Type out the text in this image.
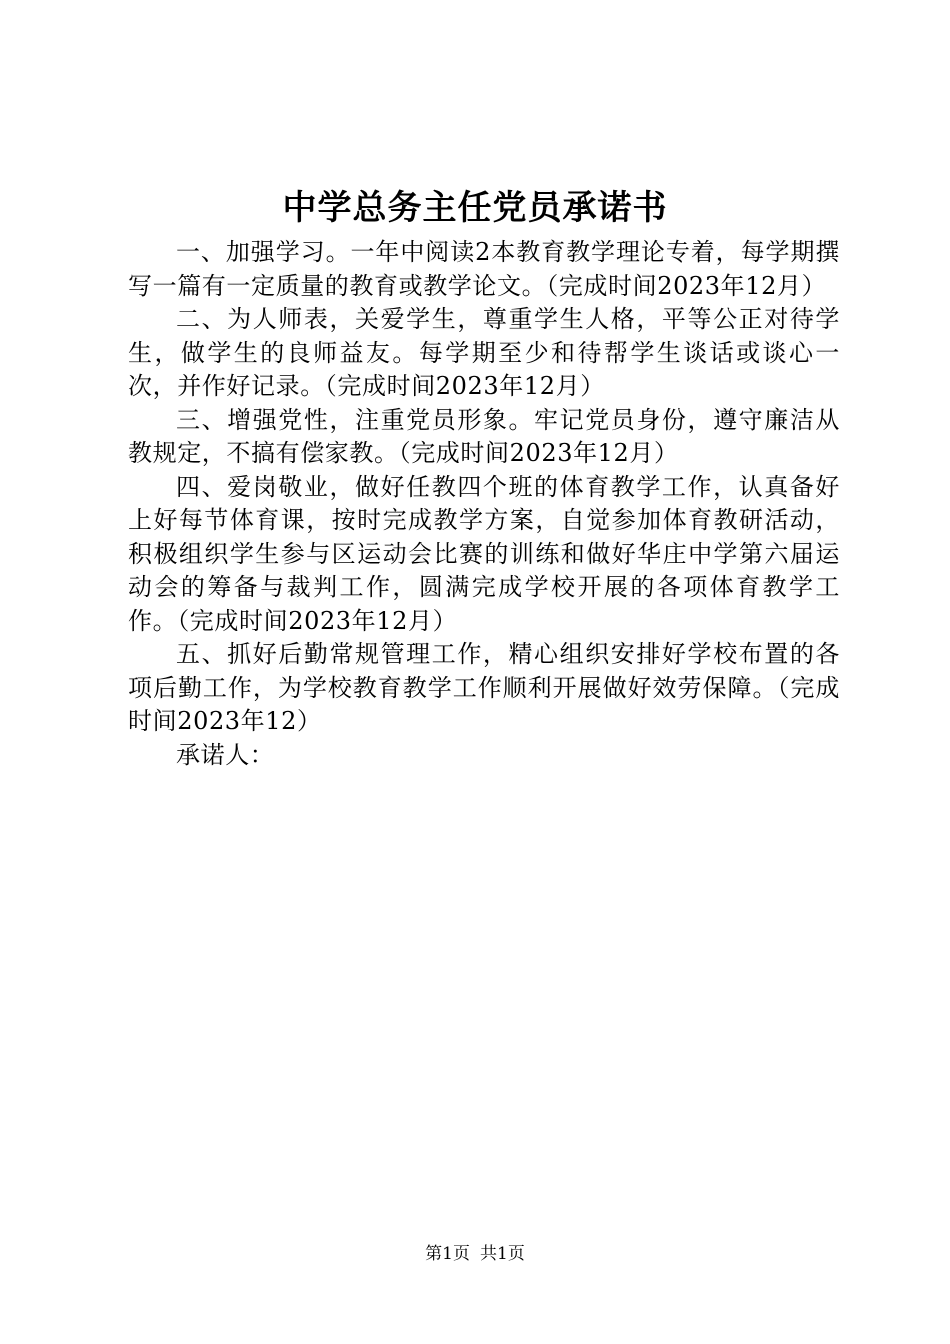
中学总务主任党员承诺书

一、加强学习。一年中阅读2本教育教学理论专着，每学期撰写一篇有一定质量的教育或教学论文。（完成时间2023年12月）

二、为人师表，关爱学生，尊重学生人格，平等公正对待学生，做学生的良师益友。每学期至少和待帮学生谈话或谈心一次，并作好记录。（完成时间2023年12月）

三、增强党性，注重党员形象。牢记党员身份，遵守廉洁从教规定，不搞有偿家教。（完成时间2023年12月）

四、爱岗敬业，做好任教四个班的体育教学工作，认真备好上好每节体育课，按时完成教学方案，自觉参加体育教研活动，积极组织学生参与区运动会比赛的训练和做好华庄中学第六届运动会的筹备与裁判工作，圆满完成学校开展的各项体育教学工作。（完成时间2023年12月）

五、抓好后勤常规管理工作，精心组织安排好学校布置的各项后勤工作，为学校教育教学工作顺利开展做好效劳保障。（完成时间2023年12）

承诺人：

第1页 共1页
